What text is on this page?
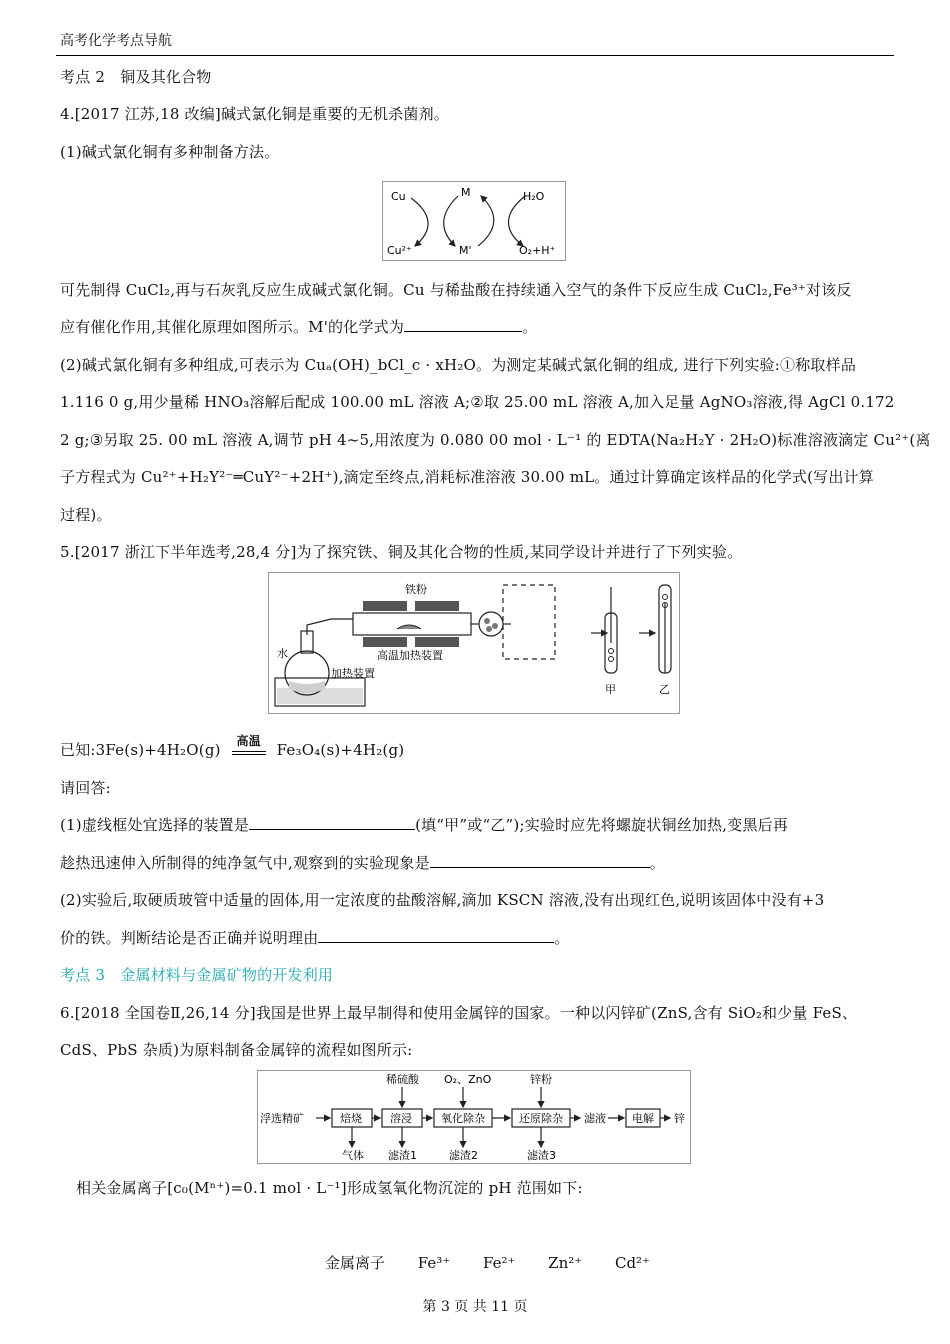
高考化学考点导航
考点 2　铜及其化合物
4.[2017 江苏,18 改编]碱式氯化铜是重要的无机杀菌剂。
(1)碱式氯化铜有多种制备方法。
Cu	M	H₂O
Cu²⁺	M'	O₂+H⁺
可先制得 CuCl₂,再与石灰乳反应生成碱式氯化铜。Cu 与稀盐酸在持续通入空气的条件下反应生成 CuCl₂,Fe³⁺对该反
应有催化作用,其催化原理如图所示。M'的化学式为	。
(2)碱式氯化铜有多种组成,可表示为 Cuₐ(OH)_bCl_c · xH₂O。为测定某碱式氯化铜的组成, 进行下列实验:①称取样品
1.116 0 g,用少量稀 HNO₃溶解后配成 100.00 mL 溶液 A;②取 25.00 mL 溶液 A,加入足量 AgNO₃溶液,得 AgCl 0.172
2 g;③另取 25. 00 mL 溶液 A,调节 pH 4~5,用浓度为 0.080 00 mol · L⁻¹ 的 EDTA(Na₂H₂Y · 2H₂O)标准溶液滴定 Cu²⁺(离
子方程式为 Cu²⁺+H₂Y²⁻═CuY²⁻+2H⁺),滴定至终点,消耗标准溶液 30.00 mL。通过计算确定该样品的化学式(写出计算
过程)。
5.[2017 浙江下半年选考,28,4 分]为了探究铁、铜及其化合物的性质,某同学设计并进行了下列实验。
铁粉
水	高温加热装置
加热装置
甲	乙
已知:3Fe(s)+4H₂O(g)	高温	Fe₃O₄(s)+4H₂(g)
请回答:
(1)虚线框处宜选择的装置是	(填“甲”或“乙”);实验时应先将螺旋状铜丝加热,变黑后再
趁热迅速伸入所制得的纯净氢气中,观察到的实验现象是	。
(2)实验后,取硬质玻管中适量的固体,用一定浓度的盐酸溶解,滴加 KSCN 溶液,没有出现红色,说明该固体中没有+3
价的铁。判断结论是否正确并说明理由	。
考点 3　金属材料与金属矿物的开发利用
6.[2018 全国卷Ⅱ,26,14 分]我国是世界上最早制得和使用金属锌的国家。一种以闪锌矿(ZnS,含有 SiO₂和少量 FeS、
CdS、PbS 杂质)为原料制备金属锌的流程如图所示:
浮选精矿	焙烧	溶浸	氧化除杂	还原除杂 滤液 电解 锌
稀硫酸 O₂、ZnO	锌粉
气体 滤渣1	滤渣2	滤渣3
相关金属离子[c₀(Mⁿ⁺)=0.1 mol · L⁻¹]形成氢氧化物沉淀的 pH 范围如下:
金属离子 Fe³⁺ Fe²⁺ Zn²⁺ Cd²⁺
第 3 页 共 11 页
